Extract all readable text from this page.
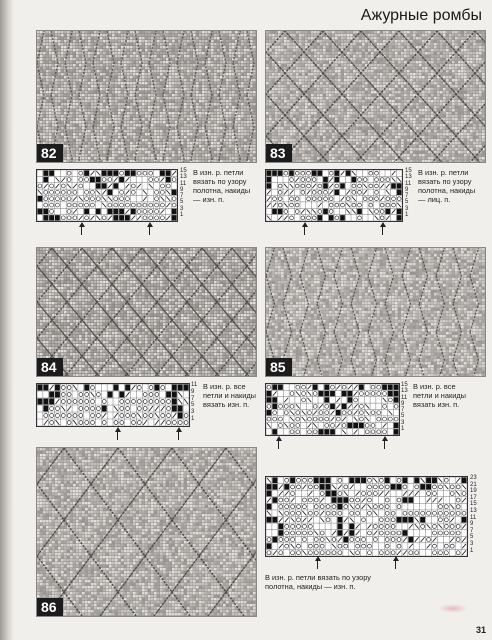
Ажурные ромбы
82
15
13
11
9
7
5
3
1
В изн. р. петли вязать по узору полотна, накиды — изн. п.
83
15
13
11
9
7
5
3
1
В изн. р. петли вязать по узору полотна, накиды — лиц. п.
84
11
9
7
5
3
1
В изн. р. все петли и накиды вязать изн. п.
85
15
13
11
9
7
5
3
1
В изн. р. все петли и накиды вязать изн. п.
86
23
21
19
17
15
13
11
9
7
5
3
1
В изн. р. петли вязать по узору полотна, накиды — изн. п.
31
